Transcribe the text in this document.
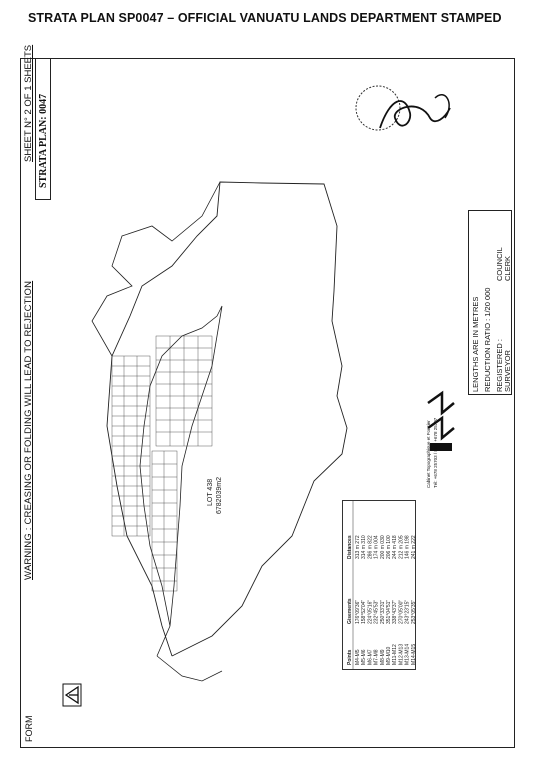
STRATA PLAN SP0047 – OFFICIAL VANUATU LANDS DEPARTMENT STAMPED
FORM
WARNING : CREASING OR FOLDING WILL LEAD TO REJECTION
SHEET N° 2 OF 1 SHEETS STRATA PLAN: 0047
LOT 438 6782039m2
LENGTHS ARE IN METRES REDUCTION RATIO : 1/20 000 REGISTERED : SURVEYOR
COUNCIL CLERK
Cabinet Topographique et Foncier Tél: +678 25703 / Fax: +678 25707
Points
Gisements
Distances
M4-M5
176°09'36"
313 m 272
M5-M6
158°52'04"
314 m 310
M6-M7
224°05'16"
286 m 822
M7-M8
232°45'53"
174 m 004
M8-M9
250°33'31"
200 m 030
M9-M10
351°04'51"
206 m 100
M11-M12
338°43'37"
244 m 418
M12-M13
270°05'00"
212 m 205
M13-M14
243°23'15"
146 m 198
M14-M15
253°05'35"
241 m 222
